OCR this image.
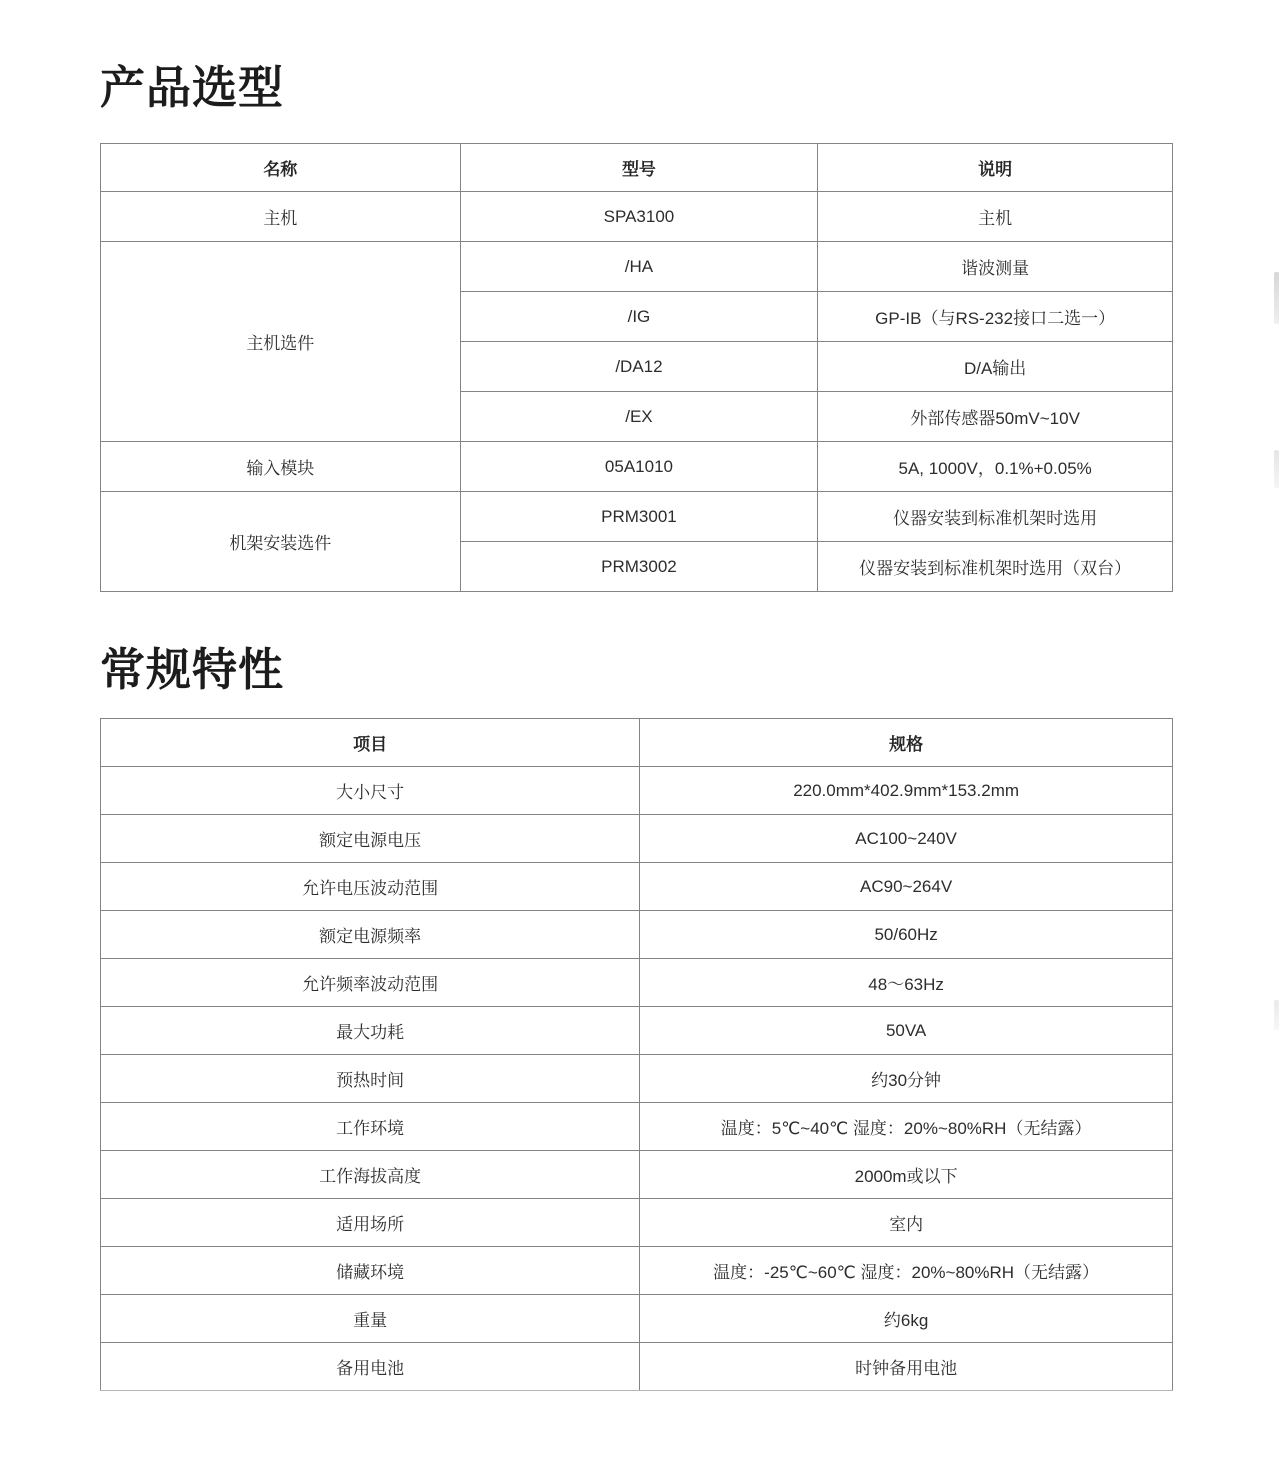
产品选型
名称	型号	说明
主机	SPA3100	主机
主机选件	/HA	谐波测量
	/IG	GP-IB（与RS-232接口二选一）
	/DA12	D/A输出
	/EX	外部传感器50mV~10V
输入模块	05A1010	5A, 1000V，0.1%+0.05%
机架安装选件	PRM3001	仪器安装到标准机架时选用
	PRM3002	仪器安装到标准机架时选用（双台）
常规特性
项目	规格
大小尺寸	220.0mm*402.9mm*153.2mm
额定电源电压	AC100~240V
允许电压波动范围	AC90~264V
额定电源频率	50/60Hz
允许频率波动范围	48～63Hz
最大功耗	50VA
预热时间	约30分钟
工作环境	温度：5℃~40℃ 湿度：20%~80%RH（无结露）
工作海拔高度	2000m或以下
适用场所	室内
储藏环境	温度：-25℃~60℃ 湿度：20%~80%RH（无结露）
重量	约6kg
备用电池	时钟备用电池
